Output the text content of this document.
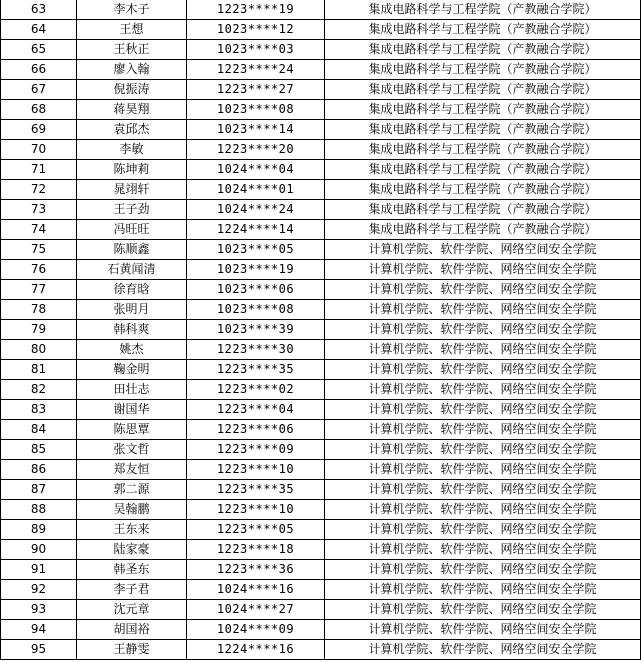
63	李木子	1223****19	集成电路科学与工程学院（产教融合学院）
64	王想	1023****12	集成电路科学与工程学院（产教融合学院）
65	王秋正	1023****03	集成电路科学与工程学院（产教融合学院）
66	廖入翰	1223****24	集成电路科学与工程学院（产教融合学院）
67	倪振涛	1223****27	集成电路科学与工程学院（产教融合学院）
68	蒋昊翔	1023****08	集成电路科学与工程学院（产教融合学院）
69	袁邱杰	1023****14	集成电路科学与工程学院（产教融合学院）
70	李敏	1223****20	集成电路科学与工程学院（产教融合学院）
71	陈坤莉	1024****04	集成电路科学与工程学院（产教融合学院）
72	晁翊轩	1024****01	集成电路科学与工程学院（产教融合学院）
73	王子劲	1024****24	集成电路科学与工程学院（产教融合学院）
74	冯旺旺	1224****14	集成电路科学与工程学院（产教融合学院）
75	陈顺鑫	1023****05	计算机学院、软件学院、网络空间安全学院
76	石黄闻清	1023****19	计算机学院、软件学院、网络空间安全学院
77	徐育晗	1023****06	计算机学院、软件学院、网络空间安全学院
78	张明月	1023****08	计算机学院、软件学院、网络空间安全学院
79	韩科爽	1023****39	计算机学院、软件学院、网络空间安全学院
80	姚杰	1223****30	计算机学院、软件学院、网络空间安全学院
81	鞠金明	1223****35	计算机学院、软件学院、网络空间安全学院
82	田壮志	1223****02	计算机学院、软件学院、网络空间安全学院
83	谢国华	1223****04	计算机学院、软件学院、网络空间安全学院
84	陈思覃	1223****06	计算机学院、软件学院、网络空间安全学院
85	张文哲	1223****09	计算机学院、软件学院、网络空间安全学院
86	郑友恒	1223****10	计算机学院、软件学院、网络空间安全学院
87	郭二源	1223****35	计算机学院、软件学院、网络空间安全学院
88	吴翰鹏	1223****10	计算机学院、软件学院、网络空间安全学院
89	王东来	1223****05	计算机学院、软件学院、网络空间安全学院
90	陆家豪	1223****18	计算机学院、软件学院、网络空间安全学院
91	韩圣东	1223****36	计算机学院、软件学院、网络空间安全学院
92	李子君	1024****16	计算机学院、软件学院、网络空间安全学院
93	沈元章	1024****27	计算机学院、软件学院、网络空间安全学院
94	胡国裕	1024****09	计算机学院、软件学院、网络空间安全学院
95	王静雯	1224****16	计算机学院、软件学院、网络空间安全学院
